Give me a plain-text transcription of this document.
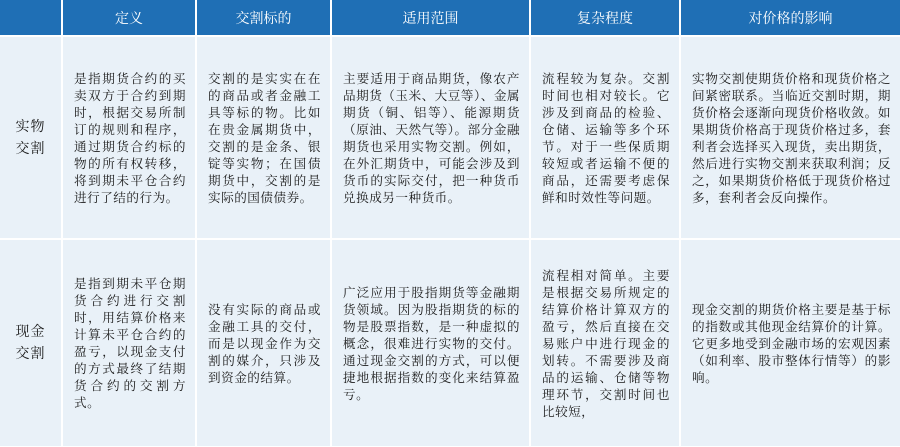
	定义	交割标的	适用范围	复杂程度	对价格的影响

实物
交割	是指期货合约的买卖双方于合约到期时，根据交易所制订的规则和程序，通过期货合约标的物的所有权转移，将到期未平仓合约进行了结的行为。	交割的是实实在在的商品或者金融工具等标的物。比如在贵金属期货中，交割的是金条、银锭等实物；在国债期货中，交割的是实际的国债债券。	主要适用于商品期货，像农产品期货（玉米、大豆等）、金属期货（铜、铝等）、能源期货（原油、天然气等）。部分金融期货也采用实物交割。例如，在外汇期货中，可能会涉及到货币的实际交付，把一种货币兑换成另一种货币。	流程较为复杂。交割时间也相对较长。它涉及到商品的检验、仓储、运输等多个环节。对于一些保质期较短或者运输不便的商品，还需要考虑保鲜和时效性等问题。	实物交割使期货价格和现货价格之间紧密联系。当临近交割时期，期货价格会逐渐向现货价格收敛。如果期货价格高于现货价格过多，套利者会选择买入现货，卖出期货，然后进行实物交割来获取利润；反之，如果期货价格低于现货价格过多，套利者会反向操作。

现金
交割	是指到期未平仓期货合约进行交割时，用结算价格来计算未平仓合约的盈亏，以现金支付的方式最终了结期货合约的交割方式。	没有实际的商品或金融工具的交付，而是以现金作为交割的媒介，只涉及到资金的结算。	广泛应用于股指期货等金融期货领域。因为股指期货的标的物是股票指数，是一种虚拟的概念，很难进行实物的交付。通过现金交割的方式，可以便捷地根据指数的变化来结算盈亏。	流程相对简单。主要是根据交易所规定的结算价格计算双方的盈亏，然后直接在交易账户中进行现金的划转。不需要涉及商品的运输、仓储等物理环节，交割时间也比较短，	现金交割的期货价格主要是基于标的指数或其他现金结算价的计算。它更多地受到金融市场的宏观因素（如利率、股市整体行情等）的影响。
